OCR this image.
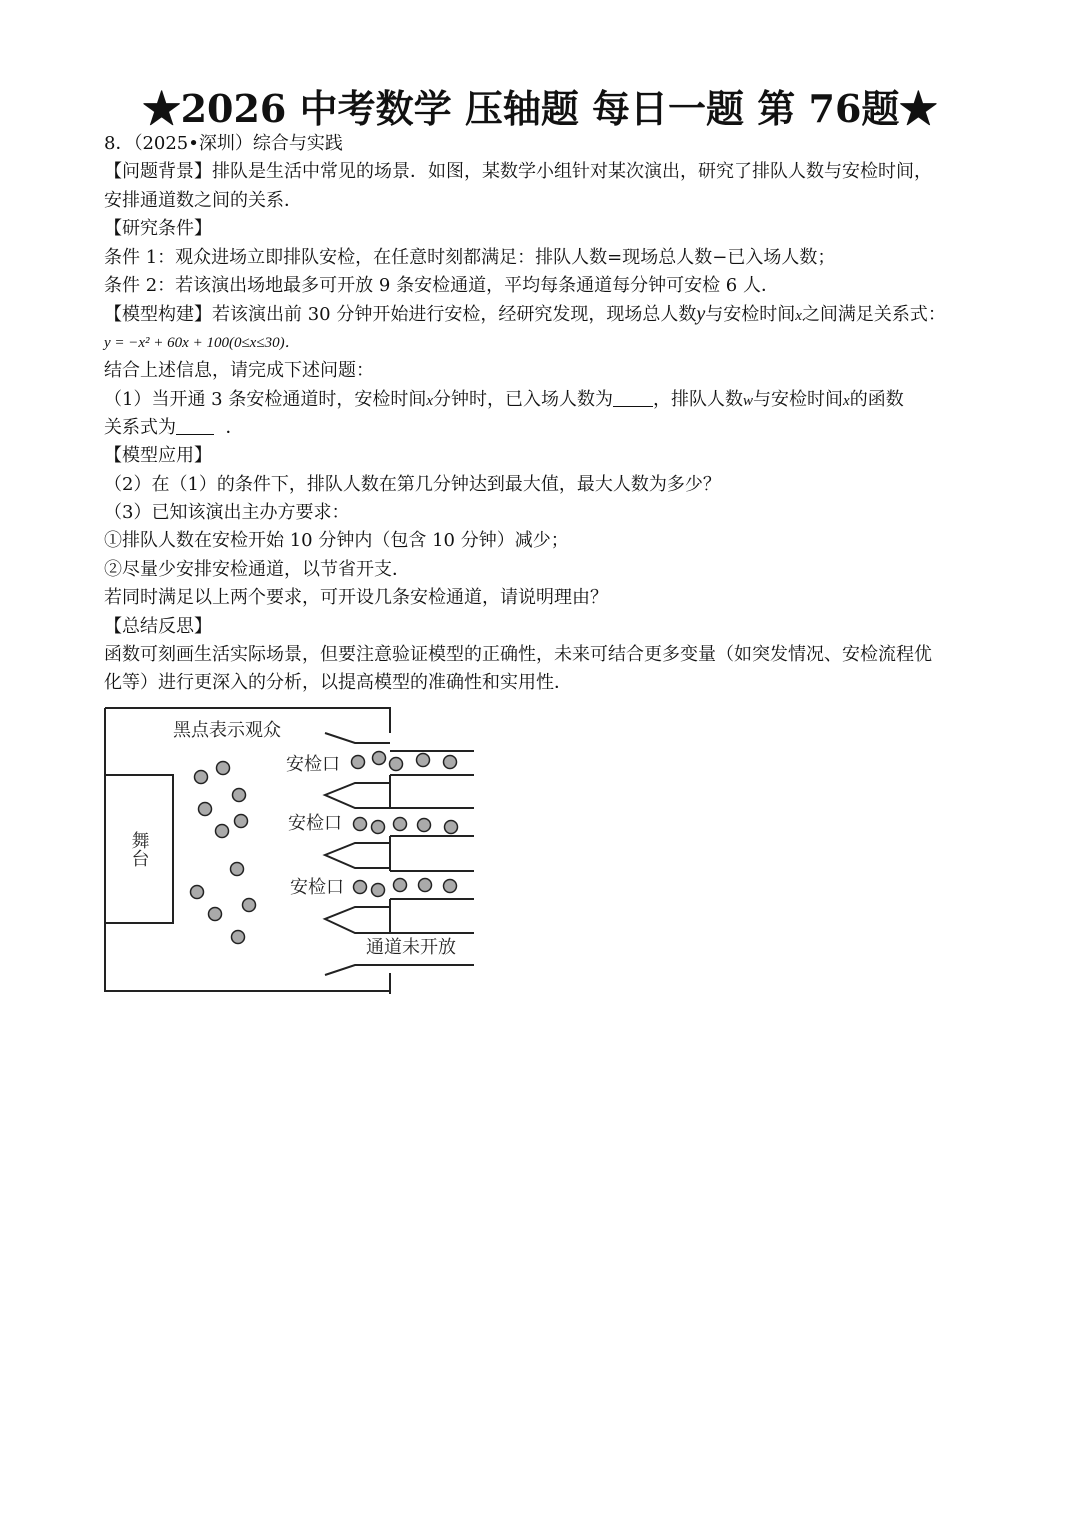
★2026 中考数学 压轴题 每日一题 第 76题★
8．（2025•深圳）综合与实践
【问题背景】排队是生活中常见的场景．如图，某数学小组针对某次演出，研究了排队人数与安检时间，
安排通道数之间的关系．
【研究条件】
条件 1：观众进场立即排队安检，在任意时刻都满足：排队人数=现场总人数−已入场人数；
条件 2：若该演出场地最多可开放 9 条安检通道，平均每条通道每分钟可安检 6 人．
【模型构建】若该演出前 30 分钟开始进行安检，经研究发现，现场总人数y与安检时间x之间满足关系式：
y = −x² + 60x + 100(0≤x≤30)．
结合上述信息，请完成下述问题：
（1）当开通 3 条安检通道时，安检时间x分钟时，已入场人数为 ，排队人数w与安检时间x的函数
关系式为	．
【模型应用】
（2）在（1）的条件下，排队人数在第几分钟达到最大值，最大人数为多少？
（3）已知该演出主办方要求：
①排队人数在安检开始 10 分钟内（包含 10 分钟）减少；
②尽量少安排安检通道，以节省开支．
若同时满足以上两个要求，可开设几条安检通道，请说明理由？
【总结反思】
函数可刻画生活实际场景，但要注意验证模型的正确性，未来可结合更多变量（如突发情况、安检流程优
化等）进行更深入的分析，以提高模型的准确性和实用性．
黑点表示观众
安检口
安检口
安检口
通道未开放
舞台
